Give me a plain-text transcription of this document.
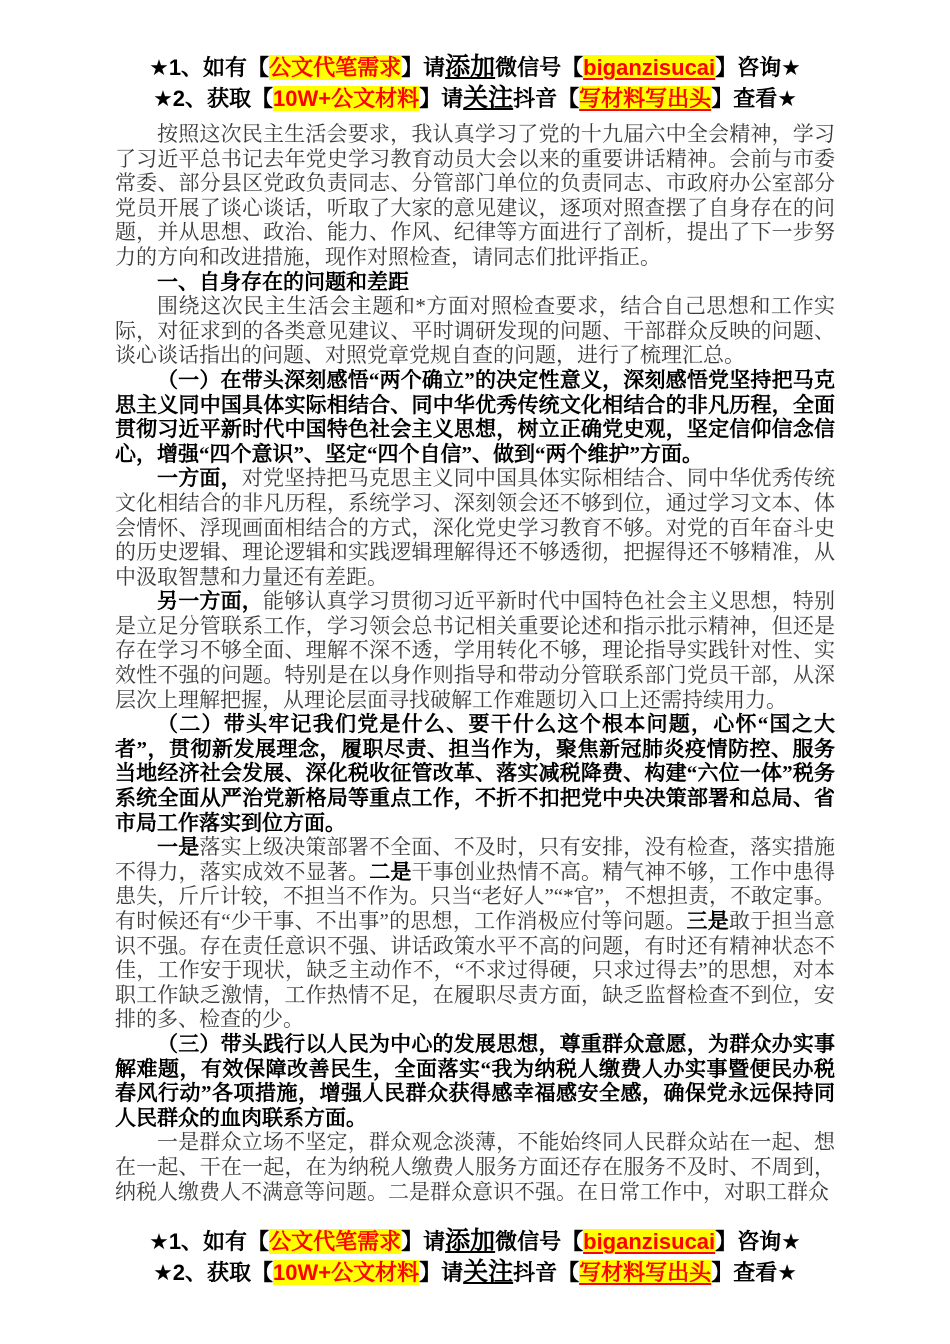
★1、如有【公文代笔需求】请添加微信号【biganzisucai】咨询★
★2、获取【10W+公文材料】请关注抖音【写材料写出头】查看★

按照这次民主生活会要求，我认真学习了党的十九届六中全会精神，学习了习近平总书记去年党史学习教育动员大会以来的重要讲话精神。会前与市委常委、部分县区党政负责同志、分管部门单位的负责同志、市政府办公室部分党员开展了谈心谈话，听取了大家的意见建议，逐项对照查摆了自身存在的问题，并从思想、政治、能力、作风、纪律等方面进行了剖析，提出了下一步努力的方向和改进措施，现作对照检查，请同志们批评指正。

一、自身存在的问题和差距

围绕这次民主生活会主题和*方面对照检查要求，结合自己思想和工作实际，对征求到的各类意见建议、平时调研发现的问题、干部群众反映的问题、谈心谈话指出的问题、对照党章党规自查的问题，进行了梳理汇总。

（一）在带头深刻感悟“两个确立”的决定性意义，深刻感悟党坚持把马克思主义同中国具体实际相结合、同中华优秀传统文化相结合的非凡历程，全面贯彻习近平新时代中国特色社会主义思想，树立正确党史观，坚定信仰信念信心，增强“四个意识”、坚定“四个自信”、做到“两个维护”方面。

一方面，对党坚持把马克思主义同中国具体实际相结合、同中华优秀传统文化相结合的非凡历程，系统学习、深刻领会还不够到位，通过学习文本、体会情怀、浮现画面相结合的方式，深化党史学习教育不够。对党的百年奋斗史的历史逻辑、理论逻辑和实践逻辑理解得还不够透彻，把握得还不够精准，从中汲取智慧和力量还有差距。

另一方面，能够认真学习贯彻习近平新时代中国特色社会主义思想，特别是立足分管联系工作，学习领会总书记相关重要论述和指示批示精神，但还是存在学习不够全面、理解不深不透，学用转化不够，理论指导实践针对性、实效性不强的问题。特别是在以身作则指导和带动分管联系部门党员干部，从深层次上理解把握，从理论层面寻找破解工作难题切入口上还需持续用力。

（二）带头牢记我们党是什么、要干什么这个根本问题，心怀“国之大者”，贯彻新发展理念，履职尽责、担当作为，聚焦新冠肺炎疫情防控、服务当地经济社会发展、深化税收征管改革、落实减税降费、构建“六位一体”税务系统全面从严治党新格局等重点工作，不折不扣把党中央决策部署和总局、省市局工作落实到位方面。

一是落实上级决策部署不全面、不及时，只有安排，没有检查，落实措施不得力，落实成效不显著。二是干事创业热情不高。精气神不够，工作中患得患失，斤斤计较，不担当不作为。只当“老好人”“*官”，不想担责，不敢定事。有时候还有“少干事、不出事”的思想，工作消极应付等问题。三是敢于担当意识不强。存在责任意识不强、讲话政策水平不高的问题，有时还有精神状态不佳，工作安于现状，缺乏主动作不，“不求过得硬，只求过得去”的思想，对本职工作缺乏激情，工作热情不足，在履职尽责方面，缺乏监督检查不到位，安排的多、检查的少。

（三）带头践行以人民为中心的发展思想，尊重群众意愿，为群众办实事解难题，有效保障改善民生，全面落实“我为纳税人缴费人办实事暨便民办税春风行动”各项措施，增强人民群众获得感幸福感安全感，确保党永远保持同人民群众的血肉联系方面。

一是群众立场不坚定，群众观念淡薄，不能始终同人民群众站在一起、想在一起、干在一起，在为纳税人缴费人服务方面还存在服务不及时、不周到，纳税人缴费人不满意等问题。二是群众意识不强。在日常工作中，对职工群众

★1、如有【公文代笔需求】请添加微信号【biganzisucai】咨询★
★2、获取【10W+公文材料】请关注抖音【写材料写出头】查看★
